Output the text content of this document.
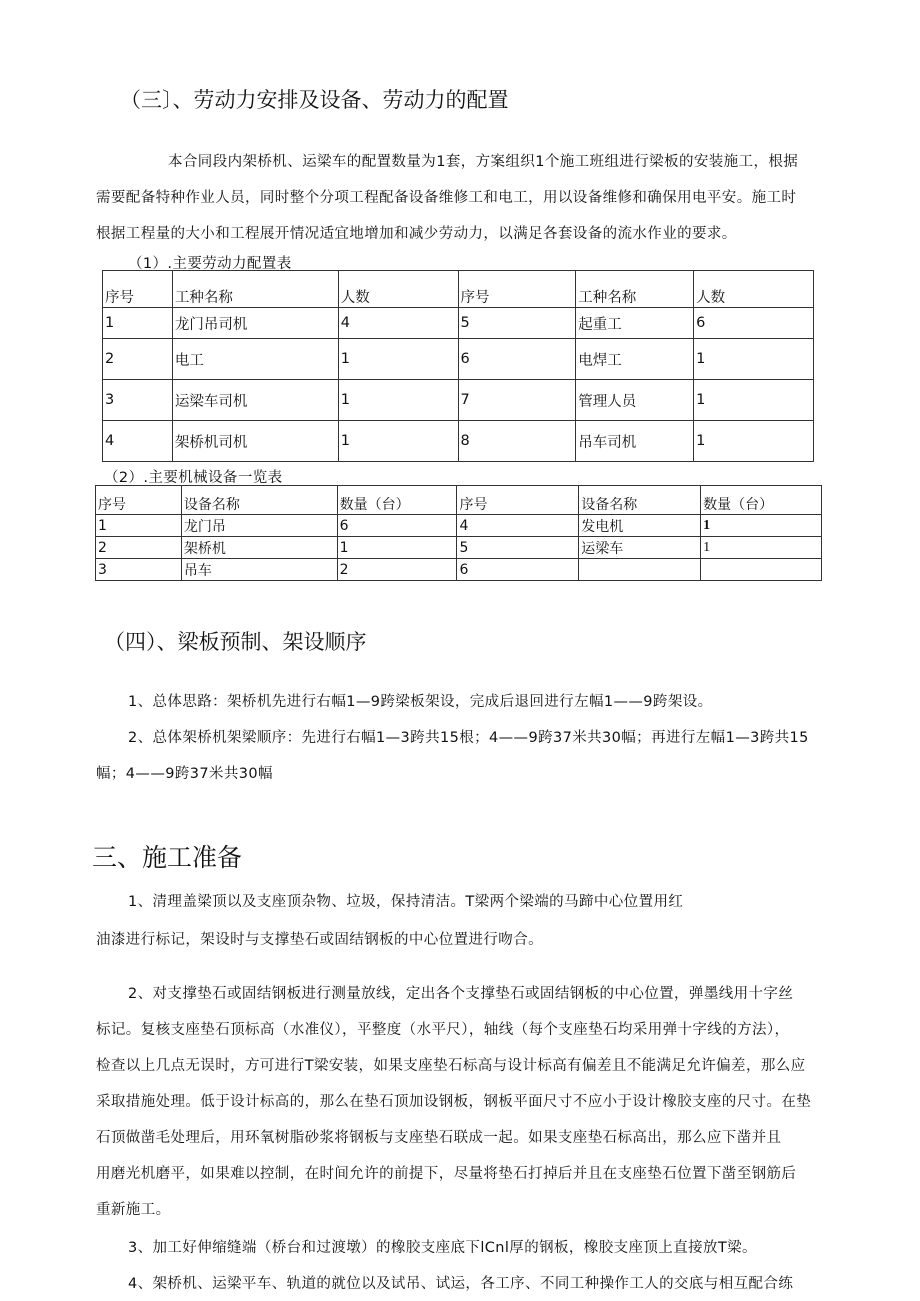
（三〕、劳动力安排及设备、劳动力的配置
本合同段内架桥机、运梁车的配置数量为1套，方案组织1个施工班组进行梁板的安装施工，根据
需要配备特种作业人员，同时整个分项工程配备设备维修工和电工，用以设备维修和确保用电平安。施工时
根据工程量的大小和工程展开情况适宜地增加和减少劳动力，以满足各套设备的流水作业的要求。
（1）.主要劳动力配置表
序号	工种名称	人数	序号	工种名称	人数
1	龙门吊司机	4	5	起重工	6
2	电工	1	6	电焊工	1
3	运梁车司机	1	7	管理人员	1
4	架桥机司机	1	8	吊车司机	1
（2）.主要机械设备一览表
序号	设备名称	数量（台）	序号	设备名称	数量（台）
1	龙门吊	6	4	发电机	1
2	架桥机	1	5	运梁车	1
3	吊车	2	6		
（四）、梁板预制、架设顺序
1、总体思路：架桥机先进行右幅1—9跨梁板架设，完成后退回进行左幅1——9跨架设。
2、总体架桥机架梁顺序：先进行右幅1—3跨共15根；4——9跨37米共30幅；再进行左幅1—3跨共15
幅；4——9跨37米共30幅
三、施工准备
1、清理盖梁顶以及支座顶杂物、垃圾，保持清洁。T梁两个梁端的马蹄中心位置用红
油漆进行标记，架设时与支撑垫石或固结钢板的中心位置进行吻合。
2、对支撑垫石或固结钢板进行测量放线，定出各个支撑垫石或固结钢板的中心位置，弹墨线用十字丝
标记。复核支座垫石顶标高（水准仪），平整度（水平尺），轴线（每个支座垫石均采用弹十字线的方法），
检查以上几点无误时，方可进行T梁安装，如果支座垫石标高与设计标高有偏差且不能满足允许偏差，那么应
采取措施处理。低于设计标高的，那么在垫石顶加设钢板，钢板平面尺寸不应小于设计橡胶支座的尺寸。在垫
石顶做凿毛处理后，用环氧树脂砂浆将钢板与支座垫石联成一起。如果支座垫石标高出，那么应下凿并且
用磨光机磨平，如果难以控制，在时间允许的前提下，尽量将垫石打掉后并且在支座垫石位置下凿至钢筋后
重新施工。
3、加工好伸缩缝端（桥台和过渡墩）的橡胶支座底下lCnl厚的钢板，橡胶支座顶上直接放T梁。
4、架桥机、运梁平车、轨道的就位以及试吊、试运，各工序、不同工种操作工人的交底与相互配合练
